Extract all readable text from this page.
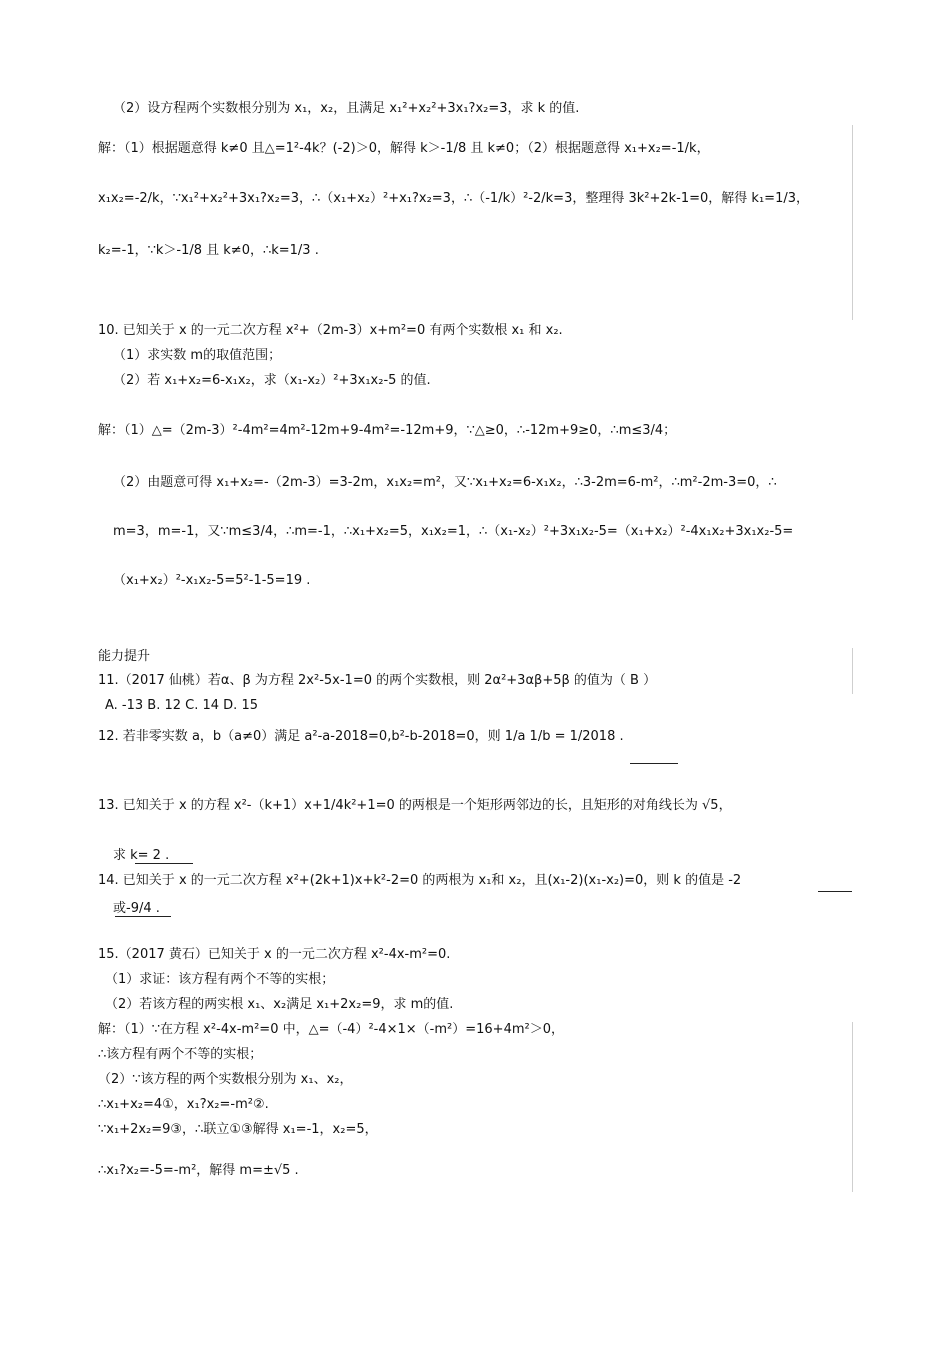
（2）设方程两个实数根分别为 x₁，x₂，且满足 x₁²+x₂²+3x₁?x₂=3，求 k 的值.
解：（1）根据题意得 k≠0 且△=1²-4k？(-2)＞0，解得 k＞-1/8 且 k≠0；（2）根据题意得 x₁+x₂=-1/k，
x₁x₂=-2/k，∵x₁²+x₂²+3x₁?x₂=3，∴（x₁+x₂）²+x₁?x₂=3，∴（-1/k）²-2/k=3，整理得 3k²+2k-1=0，解得 k₁=1/3，
k₂=-1，∵k＞-1/8 且 k≠0，∴k=1/3 .
10. 已知关于 x 的一元二次方程 x²+（2m-3）x+m²=0 有两个实数根 x₁ 和 x₂.
（1）求实数 m的取值范围；
（2）若 x₁+x₂=6-x₁x₂，求（x₁-x₂）²+3x₁x₂-5 的值.
解：（1）△=（2m-3）²-4m²=4m²-12m+9-4m²=-12m+9，∵△≥0，∴-12m+9≥0，∴m≤3/4；
（2）由题意可得 x₁+x₂=-（2m-3）=3-2m，x₁x₂=m²，又∵x₁+x₂=6-x₁x₂，∴3-2m=6-m²，∴m²-2m-3=0，∴
m=3，m=-1，又∵m≤3/4，∴m=-1，∴x₁+x₂=5，x₁x₂=1，∴（x₁-x₂）²+3x₁x₂-5=（x₁+x₂）²-4x₁x₂+3x₁x₂-5=
（x₁+x₂）²-x₁x₂-5=5²-1-5=19 .
能力提升
11.（2017 仙桃）若α、β 为方程 2x²-5x-1=0 的两个实数根，则 2α²+3αβ+5β 的值为（ B ）
A. -13 B. 12 C. 14 D. 15
12. 若非零实数 a，b（a≠0）满足 a²-a-2018=0,b²-b-2018=0，则 1/a 1/b = 1/2018 .
13. 已知关于 x 的方程 x²-（k+1）x+1/4k²+1=0 的两根是一个矩形两邻边的长，且矩形的对角线长为 √5，
求 k= 2 .
14. 已知关于 x 的一元二次方程 x²+(2k+1)x+k²-2=0 的两根为 x₁和 x₂，且(x₁-2)(x₁-x₂)=0，则 k 的值是 -2
或-9/4 .
15.（2017 黄石）已知关于 x 的一元二次方程 x²-4x-m²=0.
（1）求证：该方程有两个不等的实根；
（2）若该方程的两实根 x₁、x₂满足 x₁+2x₂=9，求 m的值.
解：（1）∵在方程 x²-4x-m²=0 中，△=（-4）²-4×1×（-m²）=16+4m²＞0，
∴该方程有两个不等的实根；
（2）∵该方程的两个实数根分别为 x₁、x₂，
∴x₁+x₂=4①，x₁?x₂=-m²②.
∵x₁+2x₂=9③，∴联立①③解得 x₁=-1，x₂=5，
∴x₁?x₂=-5=-m²，解得 m=±√5 .
